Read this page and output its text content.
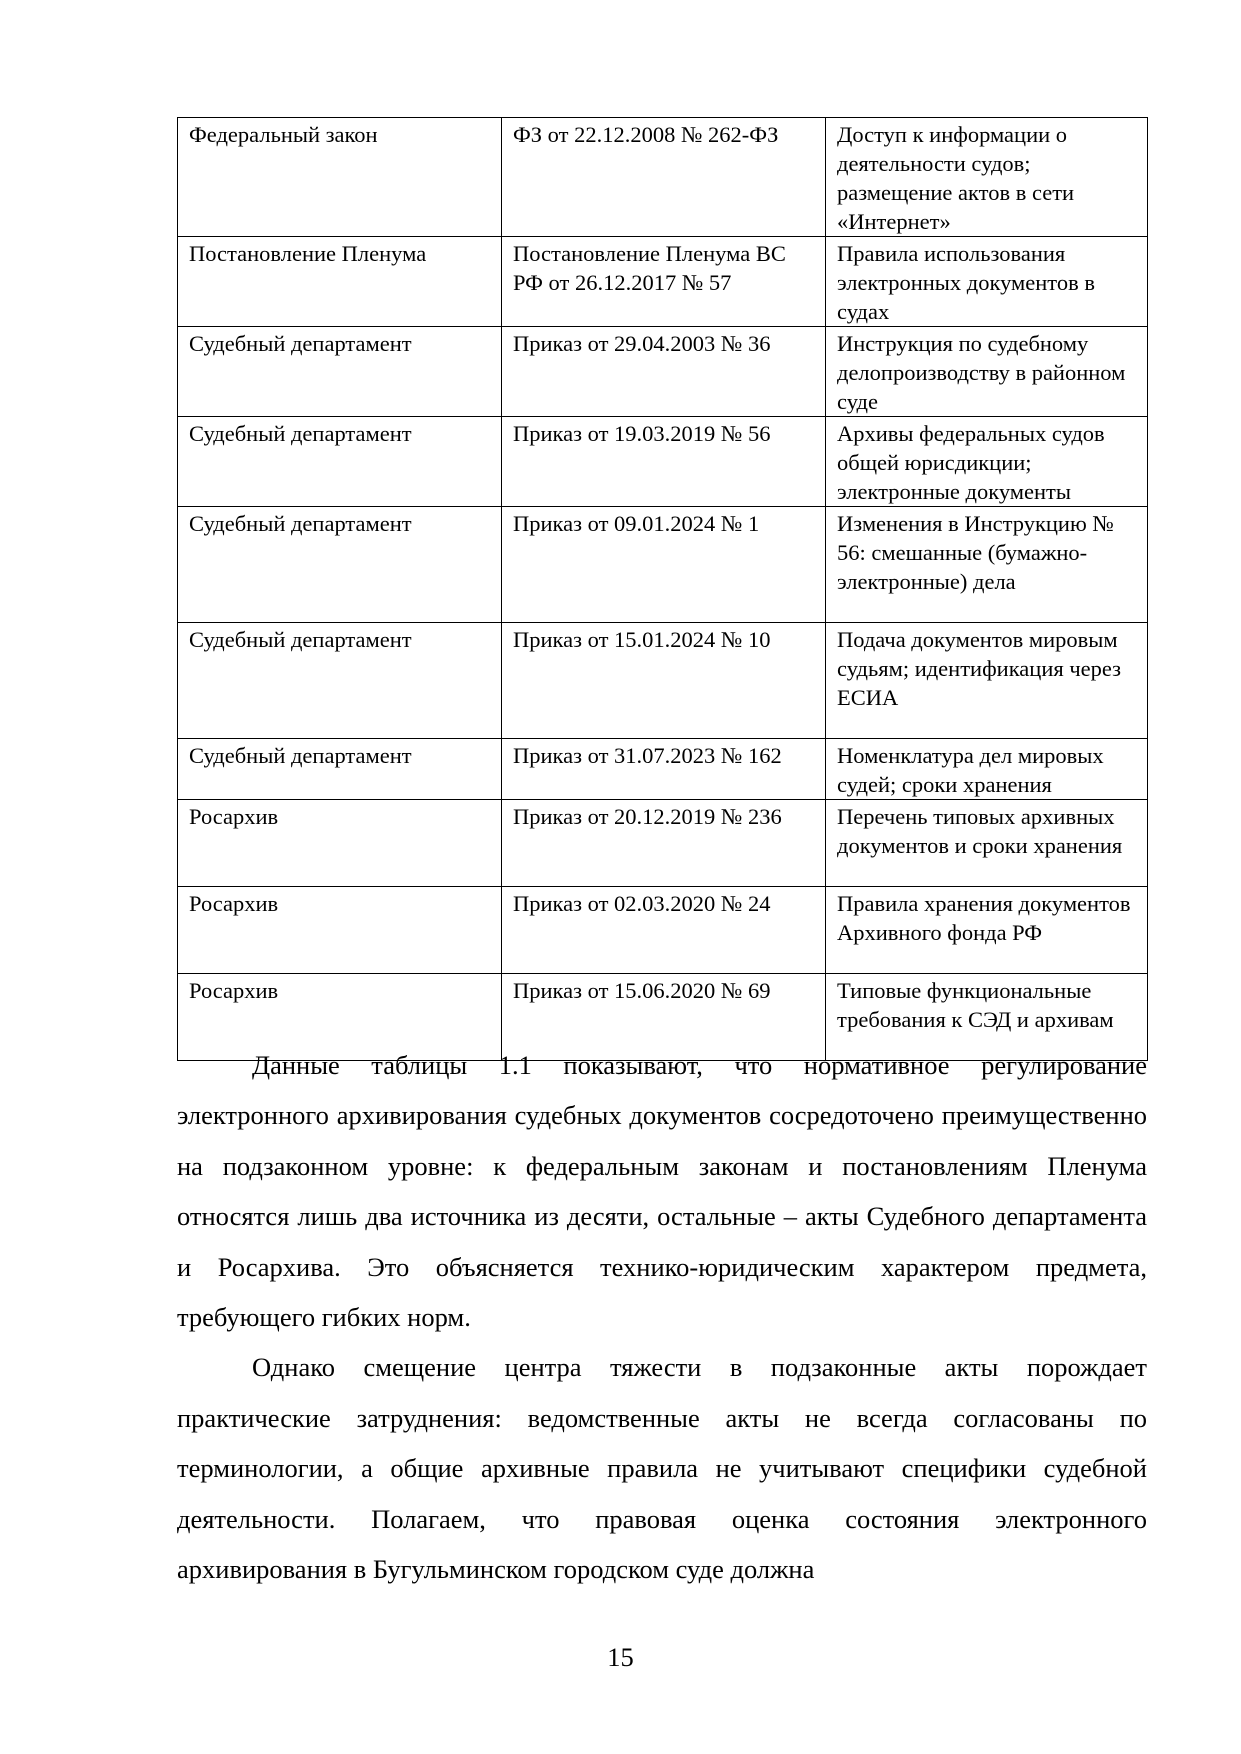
Федеральный закон	ФЗ от 22.12.2008 № 262-ФЗ	Доступ к информации о деятельности судов; размещение актов в сети «Интернет»
Постановление Пленума	Постановление Пленума ВС РФ от 26.12.2017 № 57	Правила использования электронных документов в судах
Судебный департамент	Приказ от 29.04.2003 № 36	Инструкция по судебному делопроизводству в районном суде
Судебный департамент	Приказ от 19.03.2019 № 56	Архивы федеральных судов общей юрисдикции; электронные документы
Судебный департамент	Приказ от 09.01.2024 № 1	Изменения в Инструкцию № 56: смешанные (бумажно-электронные) дела
Судебный департамент	Приказ от 15.01.2024 № 10	Подача документов мировым судьям; идентификация через ЕСИА
Судебный департамент	Приказ от 31.07.2023 № 162	Номенклатура дел мировых судей; сроки хранения
Росархив	Приказ от 20.12.2019 № 236	Перечень типовых архивных документов и сроки хранения
Росархив	Приказ от 02.03.2020 № 24	Правила хранения документов Архивного фонда РФ
Росархив	Приказ от 15.06.2020 № 69	Типовые функциональные требования к СЭД и архивам

Данные таблицы 1.1 показывают, что нормативное регулирование электронного архивирования судебных документов сосредоточено преимущественно на подзаконном уровне: к федеральным законам и постановлениям Пленума относятся лишь два источника из десяти, остальные – акты Судебного департамента и Росархива. Это объясняется технико-юридическим характером предмета, требующего гибких норм.

Однако смещение центра тяжести в подзаконные акты порождает практические затруднения: ведомственные акты не всегда согласованы по терминологии, а общие архивные правила не учитывают специфики судебной деятельности. Полагаем, что правовая оценка состояния электронного архивирования в Бугульминском городском суде должна

15
